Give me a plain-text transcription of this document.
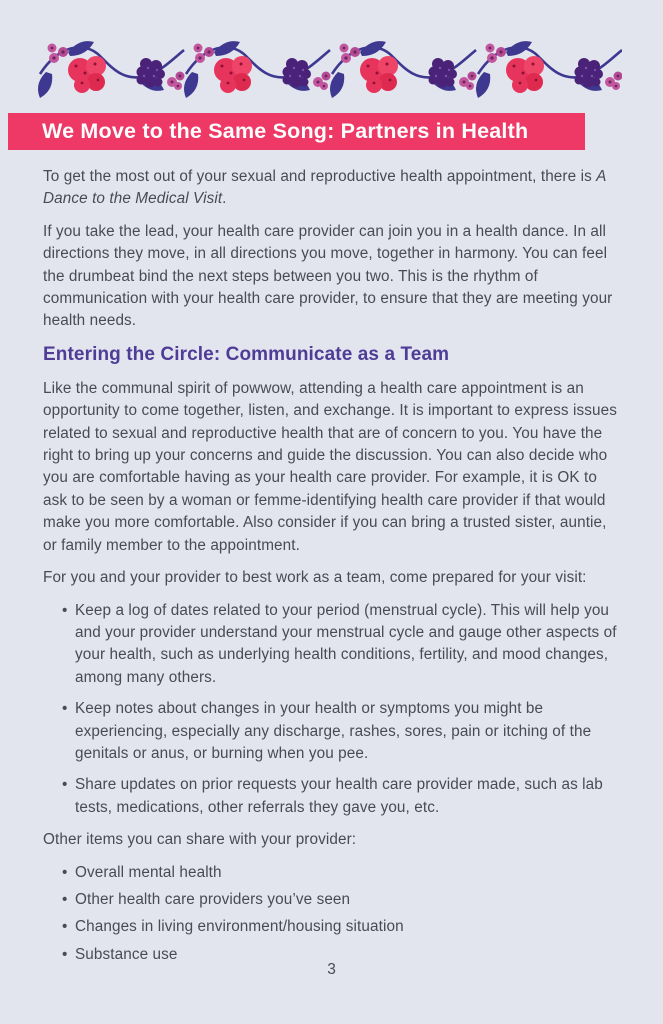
We Move to the Same Song: Partners in Health

To get the most out of your sexual and reproductive health appointment, there is A Dance to the Medical Visit.

If you take the lead, your health care provider can join you in a health dance. In all directions they move, in all directions you move, together in harmony. You can feel the drumbeat bind the next steps between you two. This is the rhythm of communication with your health care provider, to ensure that they are meeting your health needs.

Entering the Circle: Communicate as a Team

Like the communal spirit of powwow, attending a health care appointment is an opportunity to come together, listen, and exchange. It is important to express issues related to sexual and reproductive health that are of concern to you. You have the right to bring up your concerns and guide the discussion. You can also decide who you are comfortable having as your health care provider. For example, it is OK to ask to be seen by a woman or femme-identifying health care provider if that would make you more comfortable. Also consider if you can bring a trusted sister, auntie, or family member to the appointment.

For you and your provider to best work as a team, come prepared for your visit:

• Keep a log of dates related to your period (menstrual cycle). This will help you and your provider understand your menstrual cycle and gauge other aspects of your health, such as underlying health conditions, fertility, and mood changes, among many others.
• Keep notes about changes in your health or symptoms you might be experiencing, especially any discharge, rashes, sores, pain or itching of the genitals or anus, or burning when you pee.
• Share updates on prior requests your health care provider made, such as lab tests, medications, other referrals they gave you, etc.

Other items you can share with your provider:

• Overall mental health
• Other health care providers you’ve seen
• Changes in living environment/housing situation
• Substance use
3
